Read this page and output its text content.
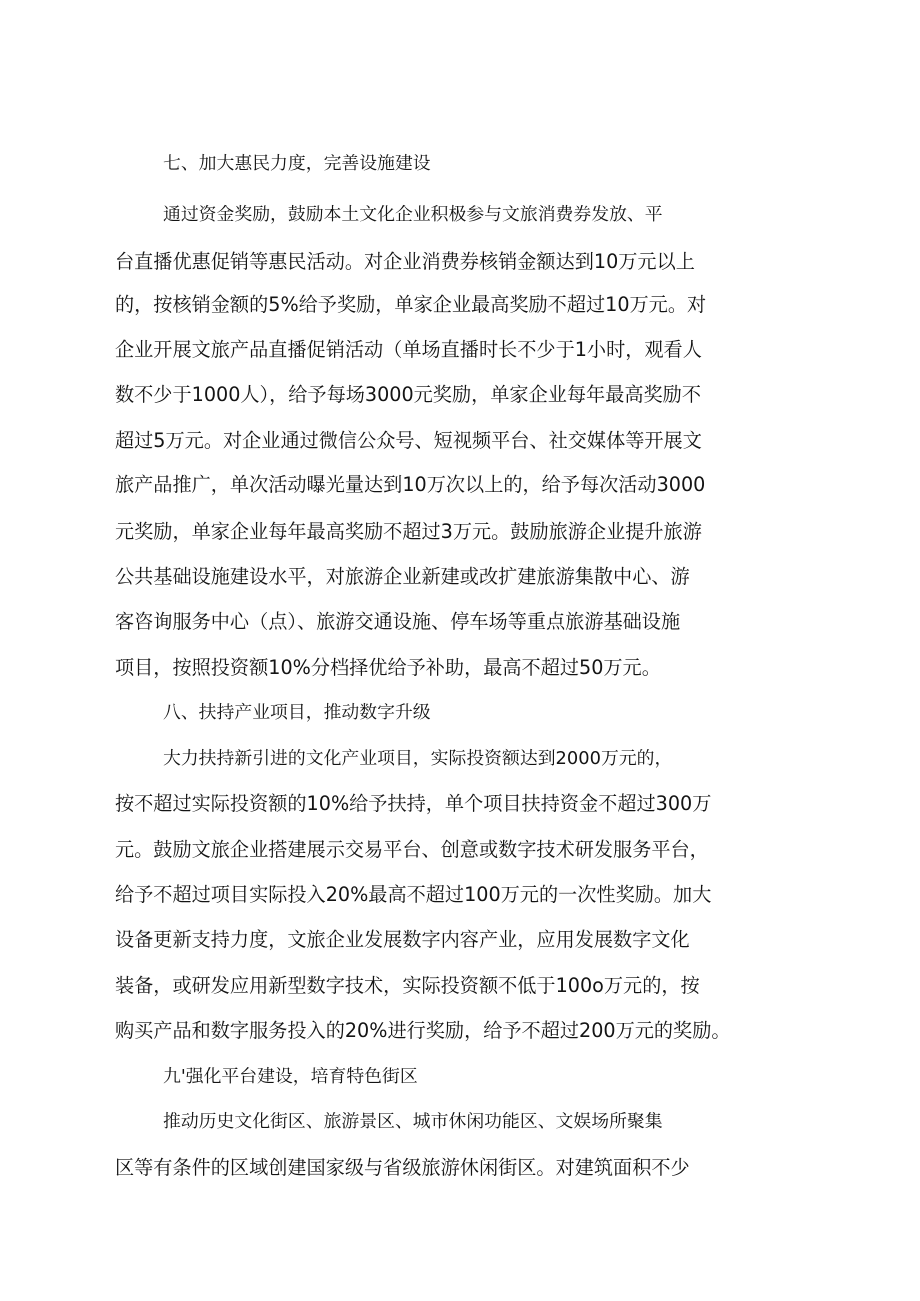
七、加大惠民力度，完善设施建设
通过资金奖励，鼓励本土文化企业积极参与文旅消费券发放、平
台直播优惠促销等惠民活动。对企业消费券核销金额达到10万元以上
的，按核销金额的5%给予奖励，单家企业最高奖励不超过10万元。对
企业开展文旅产品直播促销活动（单场直播时长不少于1小时，观看人
数不少于1000人），给予每场3000元奖励，单家企业每年最高奖励不
超过5万元。对企业通过微信公众号、短视频平台、社交媒体等开展文
旅产品推广，单次活动曝光量达到10万次以上的，给予每次活动3000
元奖励，单家企业每年最高奖励不超过3万元。鼓励旅游企业提升旅游
公共基础设施建设水平，对旅游企业新建或改扩建旅游集散中心、游
客咨询服务中心（点）、旅游交通设施、停车场等重点旅游基础设施
项目，按照投资额10%分档择优给予补助，最高不超过50万元。
八、扶持产业项目，推动数字升级
大力扶持新引进的文化产业项目，实际投资额达到2000万元的，
按不超过实际投资额的10%给予扶持，单个项目扶持资金不超过300万
元。鼓励文旅企业搭建展示交易平台、创意或数字技术研发服务平台，
给予不超过项目实际投入20%最高不超过100万元的一次性奖励。加大
设备更新支持力度，文旅企业发展数字内容产业，应用发展数字文化
装备，或研发应用新型数字技术，实际投资额不低于100o万元的，按
购买产品和数字服务投入的20%进行奖励，给予不超过200万元的奖励。
九'强化平台建设，培育特色街区
推动历史文化街区、旅游景区、城市休闲功能区、文娱场所聚集
区等有条件的区域创建国家级与省级旅游休闲街区。对建筑面积不少
